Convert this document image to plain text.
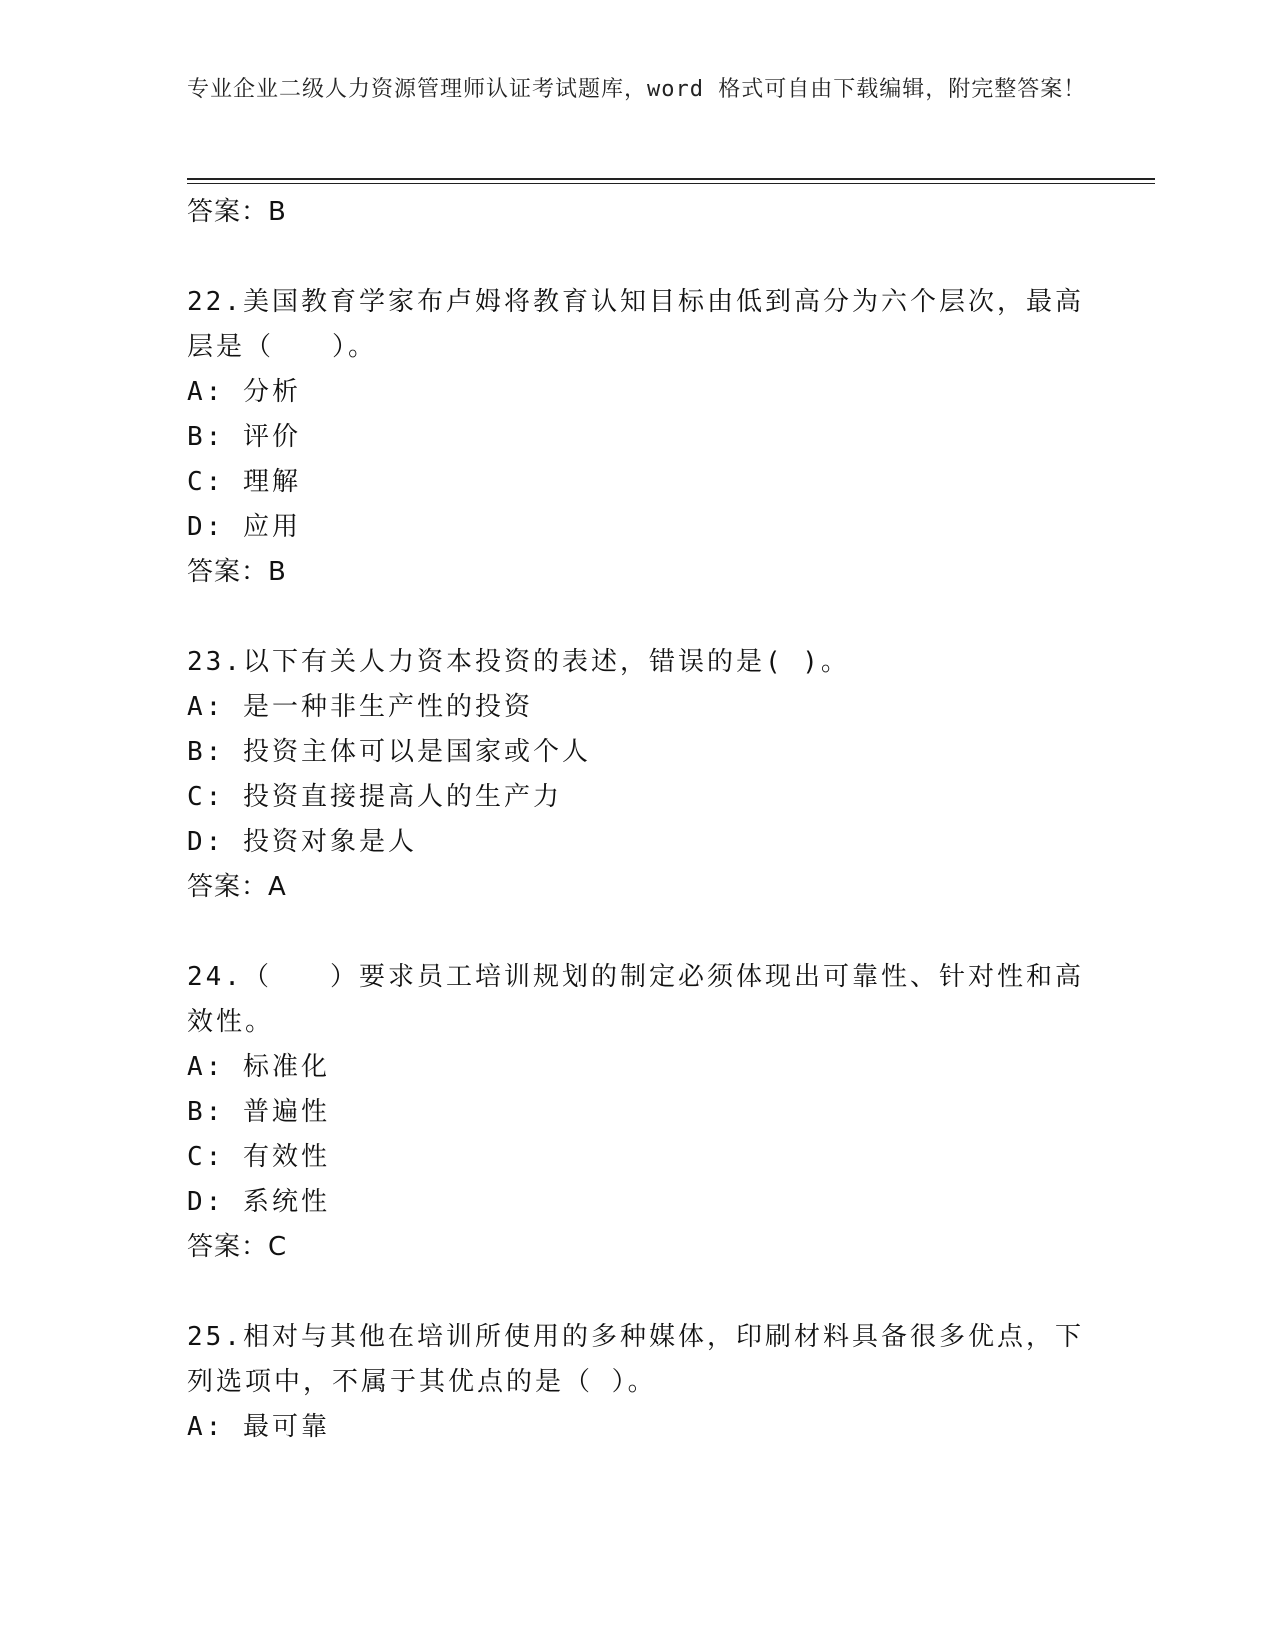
专业企业二级人力资源管理师认证考试题库，word 格式可自由下载编辑，附完整答案！
答案：B
22.美国教育学家布卢姆将教育认知目标由低到高分为六个层次，最高层是（　　）。
A: 分析
B: 评价
C: 理解
D: 应用
答案：B
23.以下有关人力资本投资的表述，错误的是( )。
A: 是一种非生产性的投资
B: 投资主体可以是国家或个人
C: 投资直接提高人的生产力
D: 投资对象是人
答案：A
24.（　　）要求员工培训规划的制定必须体现出可靠性、针对性和高效性。
A: 标准化
B: 普遍性
C: 有效性
D: 系统性
答案：C
25.相对与其他在培训所使用的多种媒体，印刷材料具备很多优点，下列选项中，不属于其优点的是（ ）。
A: 最可靠
